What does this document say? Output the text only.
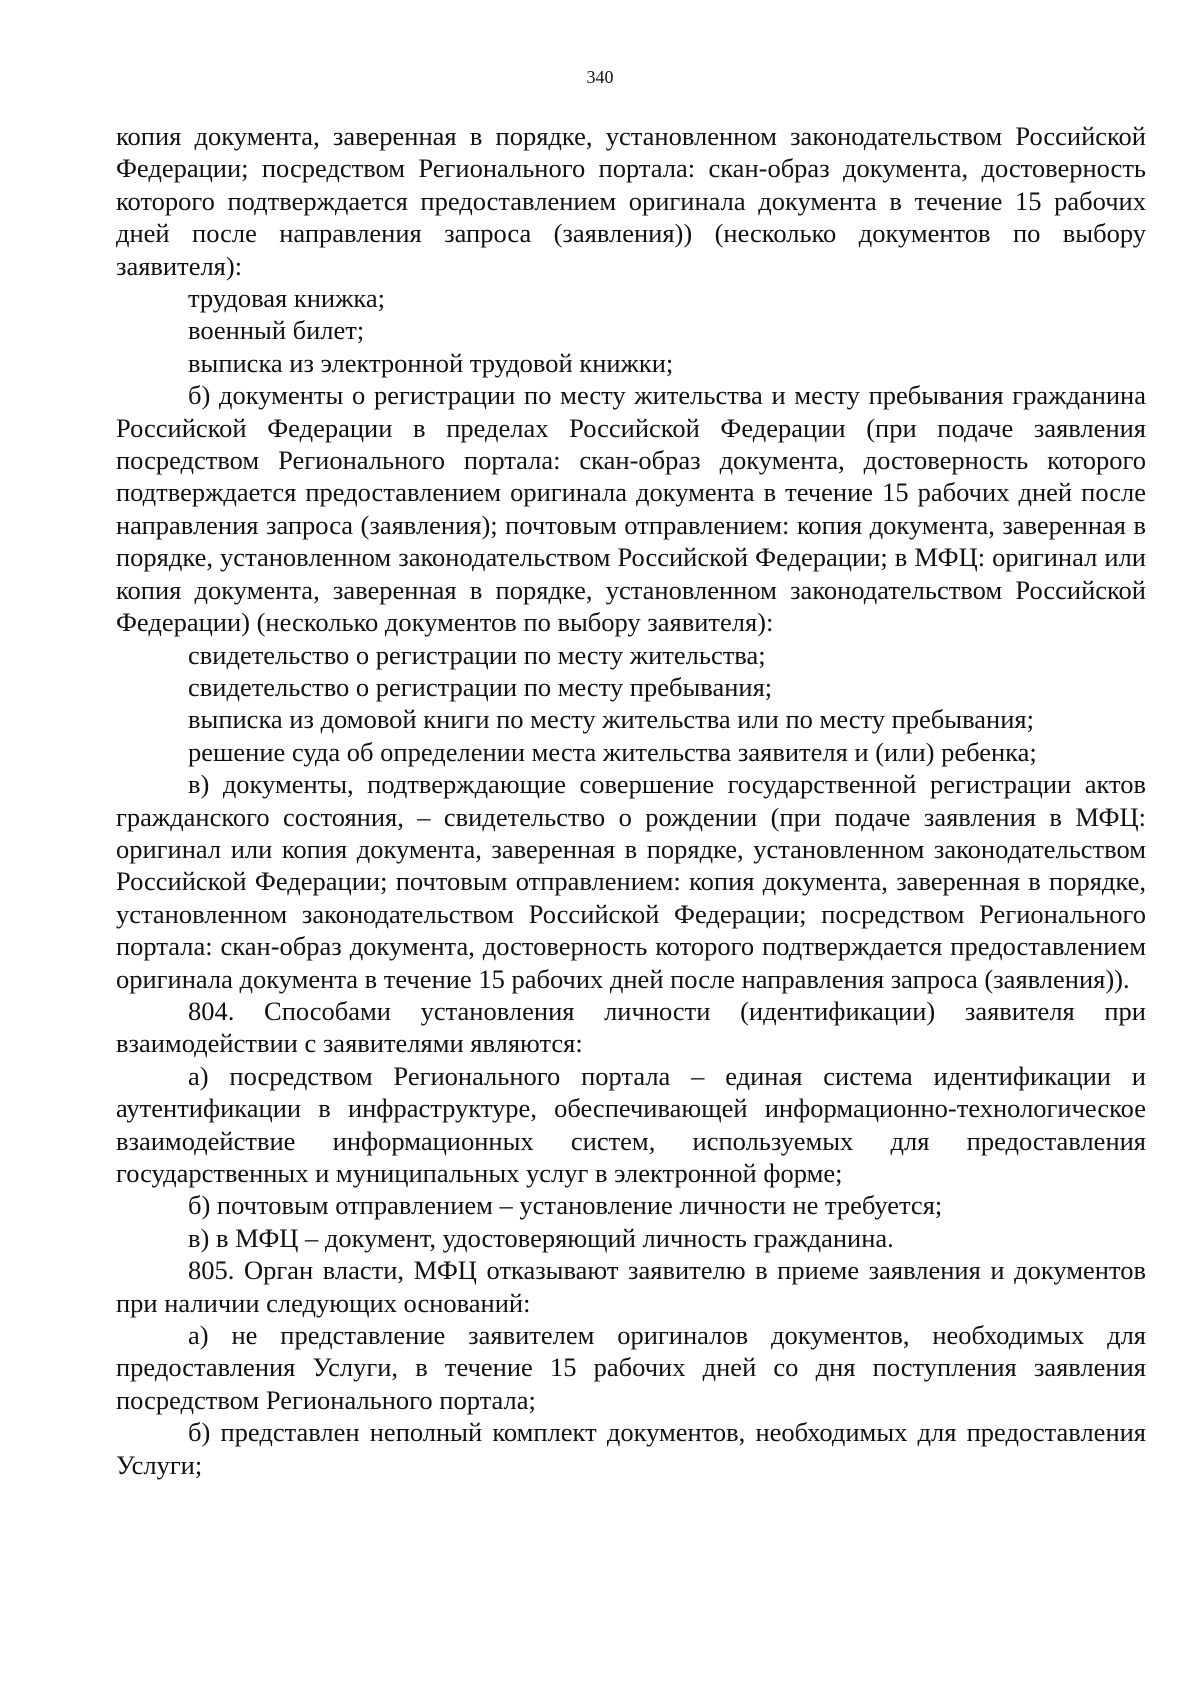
340

копия документа, заверенная в порядке, установленном законодательством Российской Федерации; посредством Регионального портала: скан-образ документа, достоверность которого подтверждается предоставлением оригинала документа в течение 15 рабочих дней после направления запроса (заявления)) (несколько документов по выбору заявителя):

трудовая книжка;

военный билет;

выписка из электронной трудовой книжки;

б) документы о регистрации по месту жительства и месту пребывания гражданина Российской Федерации в пределах Российской Федерации (при подаче заявления посредством Регионального портала: скан-образ документа, достоверность которого подтверждается предоставлением оригинала документа в течение 15 рабочих дней после направления запроса (заявления); почтовым отправлением: копия документа, заверенная в порядке, установленном законодательством Российской Федерации; в МФЦ: оригинал или копия документа, заверенная в порядке, установленном законодательством Российской Федерации) (несколько документов по выбору заявителя):

свидетельство о регистрации по месту жительства;

свидетельство о регистрации по месту пребывания;

выписка из домовой книги по месту жительства или по месту пребывания;

решение суда об определении места жительства заявителя и (или) ребенка;

в) документы, подтверждающие совершение государственной регистрации актов гражданского состояния, – свидетельство о рождении (при подаче заявления в МФЦ: оригинал или копия документа, заверенная в порядке, установленном законодательством Российской Федерации; почтовым отправлением: копия документа, заверенная в порядке, установленном законодательством Российской Федерации; посредством Регионального портала: скан-образ документа, достоверность которого подтверждается предоставлением оригинала документа в течение 15 рабочих дней после направления запроса (заявления)).

804. Способами установления личности (идентификации) заявителя при взаимодействии с заявителями являются:

а) посредством Регионального портала – единая система идентификации и аутентификации в инфраструктуре, обеспечивающей информационно-технологическое взаимодействие информационных систем, используемых для предоставления государственных и муниципальных услуг в электронной форме;

б) почтовым отправлением – установление личности не требуется;

в) в МФЦ – документ, удостоверяющий личность гражданина.

805. Орган власти, МФЦ отказывают заявителю в приеме заявления и документов при наличии следующих оснований:

а) не представление заявителем оригиналов документов, необходимых для предоставления Услуги, в течение 15 рабочих дней со дня поступления заявления посредством Регионального портала;

б) представлен неполный комплект документов, необходимых для предоставления Услуги;
